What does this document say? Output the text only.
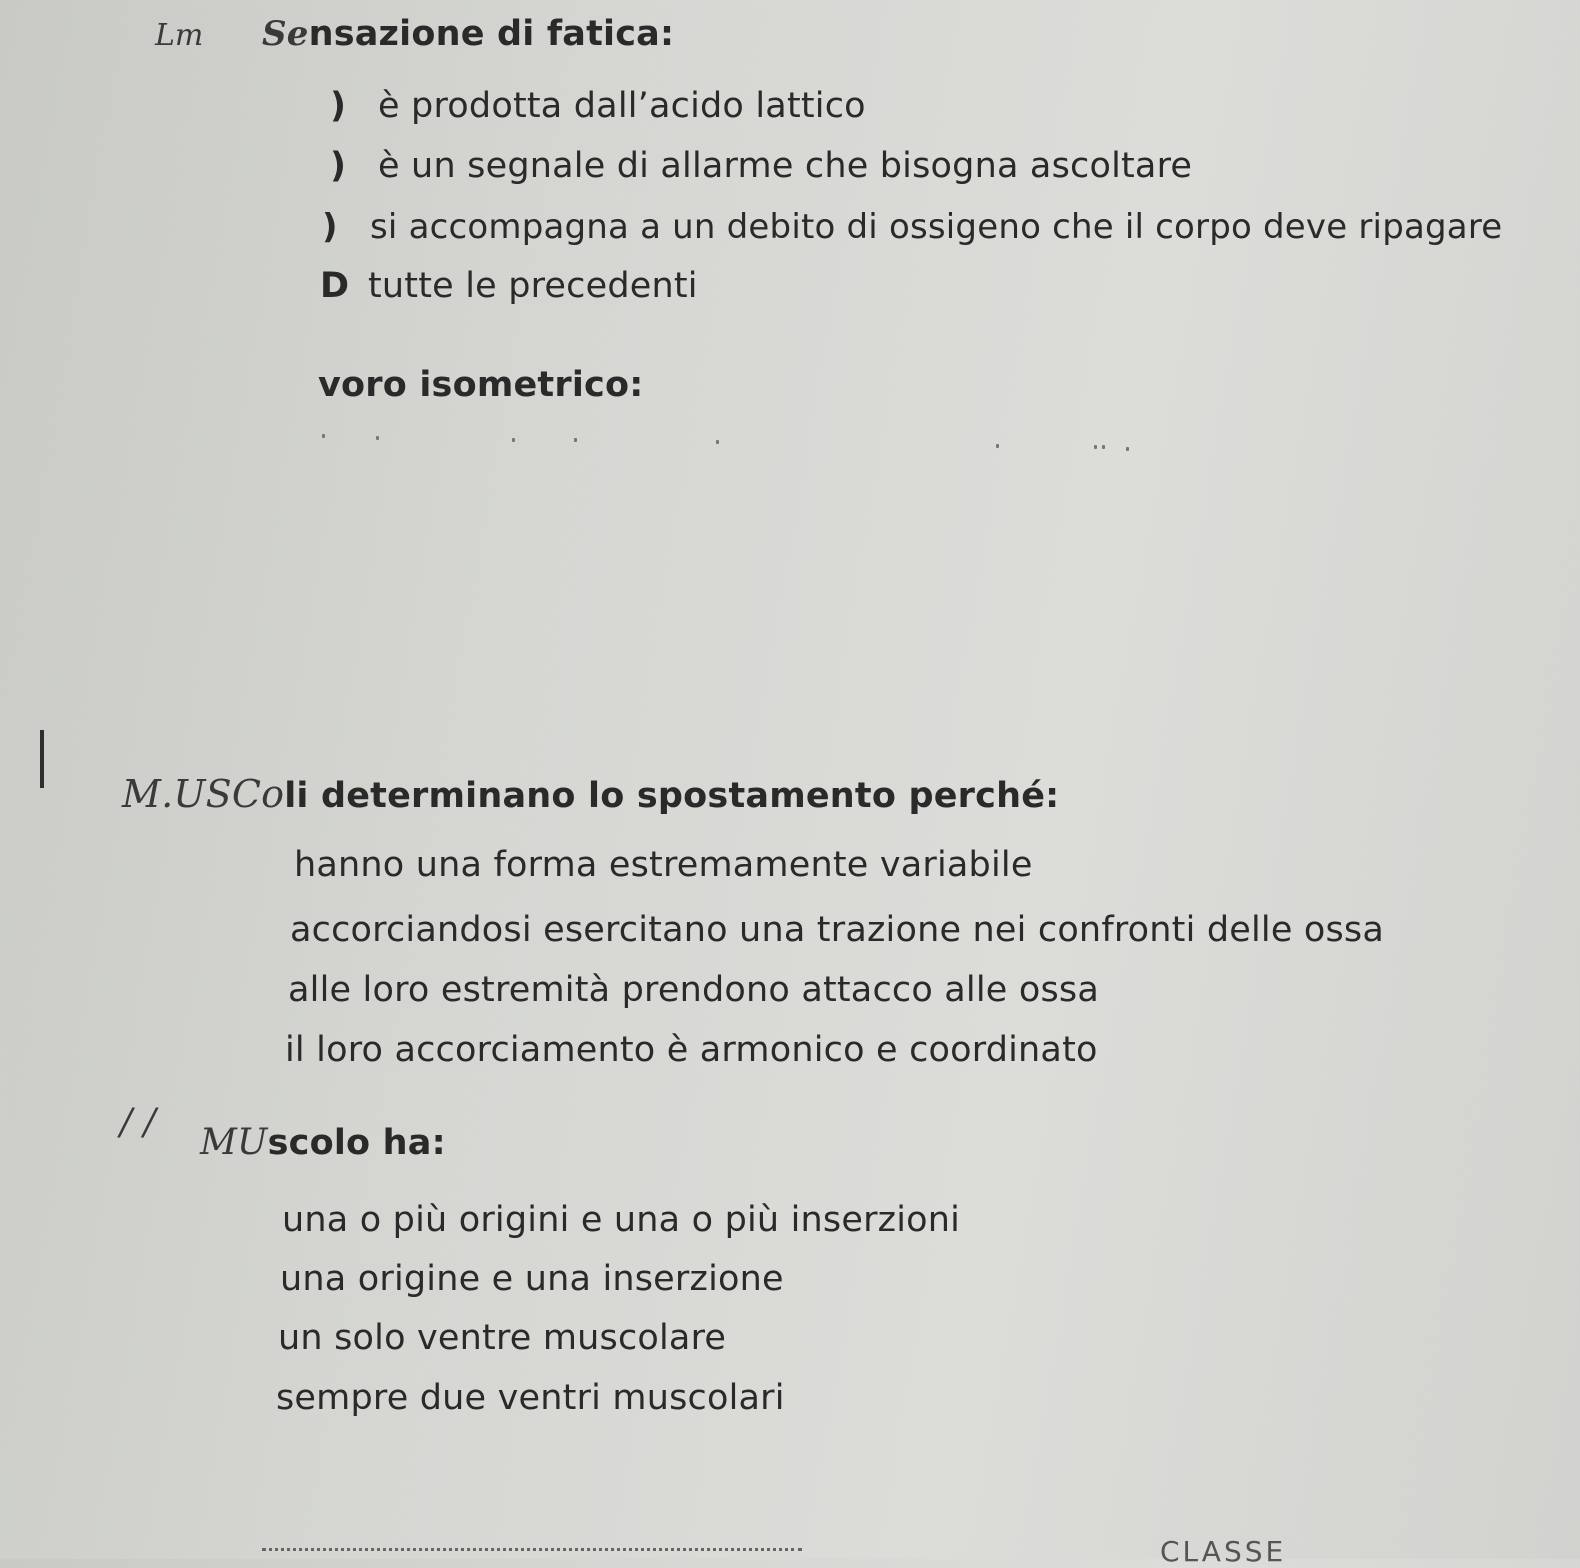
Lm Sensazione di fatica:
) è prodotta dall’acido lattico
) è un segnale di allarme che bisogna ascoltare
) si accompagna a un debito di ossigeno che il corpo deve ripagare
D tutte le precedenti
voro isometrico:
M.USColi determinano lo spostamento perché:
hanno una forma estremamente variabile
accorciandosi esercitano una trazione nei confronti delle ossa
alle loro estremità prendono attacco alle ossa
il loro accorciamento è armonico e coordinato
/ / MUscolo ha:
una o più origini e una o più inserzioni
una origine e una inserzione
un solo ventre muscolare
sempre due ventri muscolari
CLASSE
